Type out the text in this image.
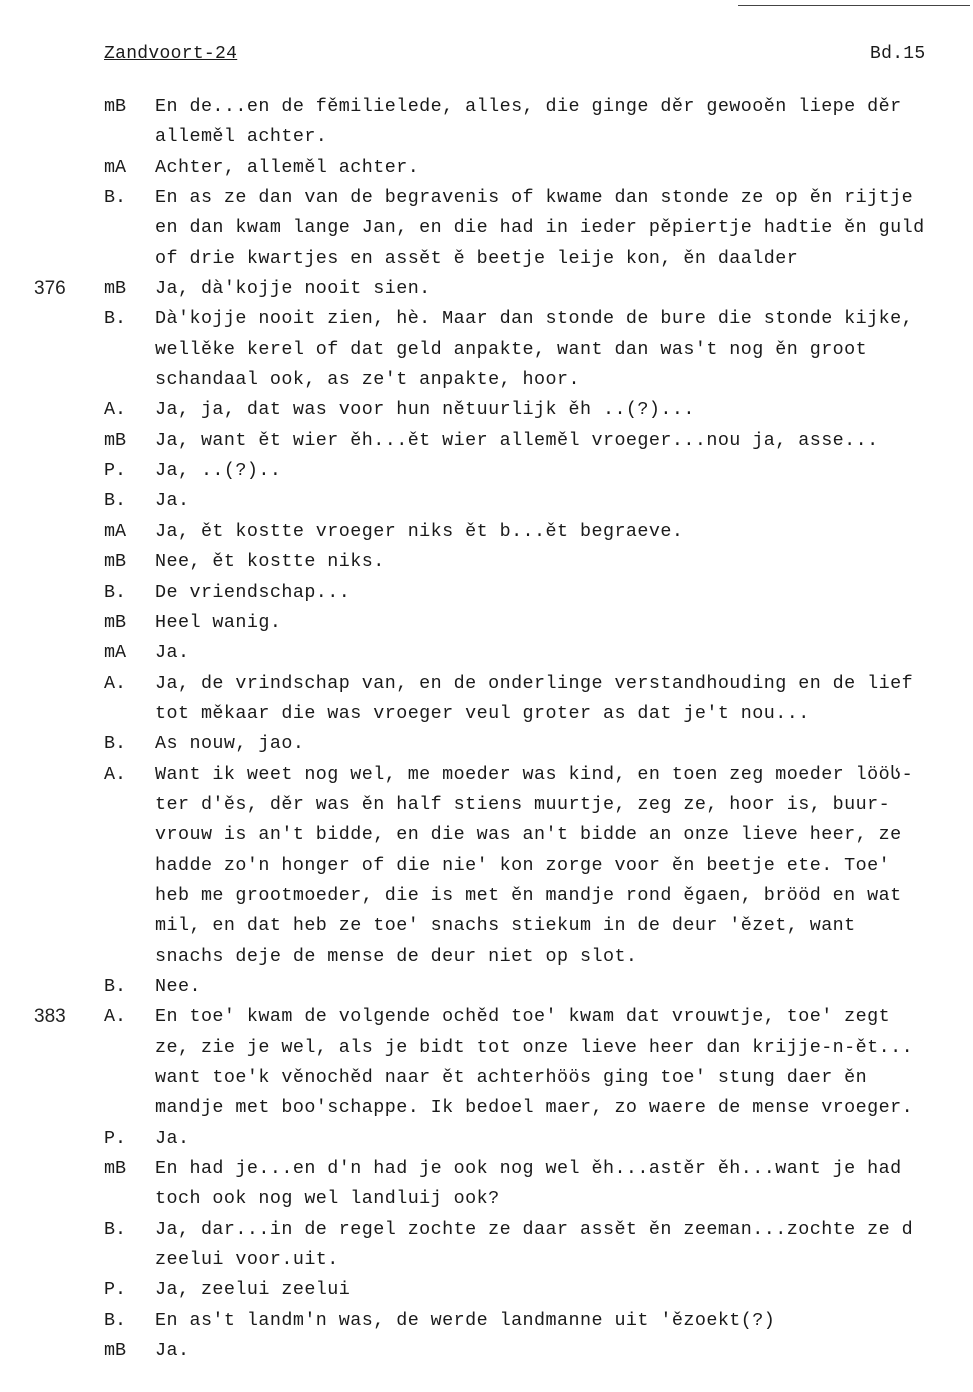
Zandvoort-24	Bd.15
mB En de...en de fěmilielede, alles, die ginge děr gewooěn liepe děr
alleměl achter.
mA Achter, alleměl achter.
B. En as ze dan van de begravenis of kwame dan stonde ze op ěn rijtje
en dan kwam lange Jan, en die had in ieder pěpiertje hadtie ěn guld
of drie kwartjes en assět ě beetje leije kon, ěn daalder
376 mB Ja, dà'kojje nooit sien.
B. Dà'kojje nooit zien, hè. Maar dan stonde de bure die stonde kijke,
wellěke kerel of dat geld anpakte, want dan was't nog ěn groot
schandaal ook, as ze't anpakte, hoor.
A. Ja, ja, dat was voor hun nětuurlijk ěh ..(?)...
mB Ja, want ět wier ěh...ět wier alleměl vroeger...nou ja, asse...
P. Ja, ..(?)..
B. Ja.
mA Ja, ět kostte vroeger niks ět b...ět begraeve.
mB Nee, ět kostte niks.
B. De vriendschap...
mB Heel wanig.
mA Ja.
A. Ja, de vrindschap van, en de onderlinge verstandhouding en de lief
tot měkaar die was vroeger veul groter as dat je't nou...
B. As nouw, jao.
A. Want ik weet nog wel, me moeder was kind, en toen zeg moeder lööს-
ter d'ěs, děr was ěn half stiens muurtje, zeg ze, hoor is, buur-
vrouw is an't bidde, en die was an't bidde an onze lieve heer, ze
hadde zo'n honger of die nie' kon zorge voor ěn beetje ete. Toe'
heb me grootmoeder, die is met ěn mandje rond ěgaen, brööd en wat
mil, en dat heb ze toe' snachs stiekum in de deur 'ězet, want
snachs deje de mense de deur niet op slot.
B. Nee.
383 A. En toe' kwam de volgende ochěd toe' kwam dat vrouwtje, toe' zegt
ze, zie je wel, als je bidt tot onze lieve heer dan krijje-n-ět...
want toe'k věnochěd naar ět achterhöös ging toe' stung daer ěn
mandje met boo'schappe. Ik bedoel maer, zo waere de mense vroeger.
P. Ja.
mB En had je...en d'n had je ook nog wel ěh...astěr ěh...want je had
toch ook nog wel landluij ook?
B. Ja, dar...in de regel zochte ze daar assět ěn zeeman...zochte ze d
zeelui voor.uit.
P. Ja, zeelui zeelui
B. En as't landm'n was, de werde landmanne uit 'ězoekt(?)
mB Ja.
